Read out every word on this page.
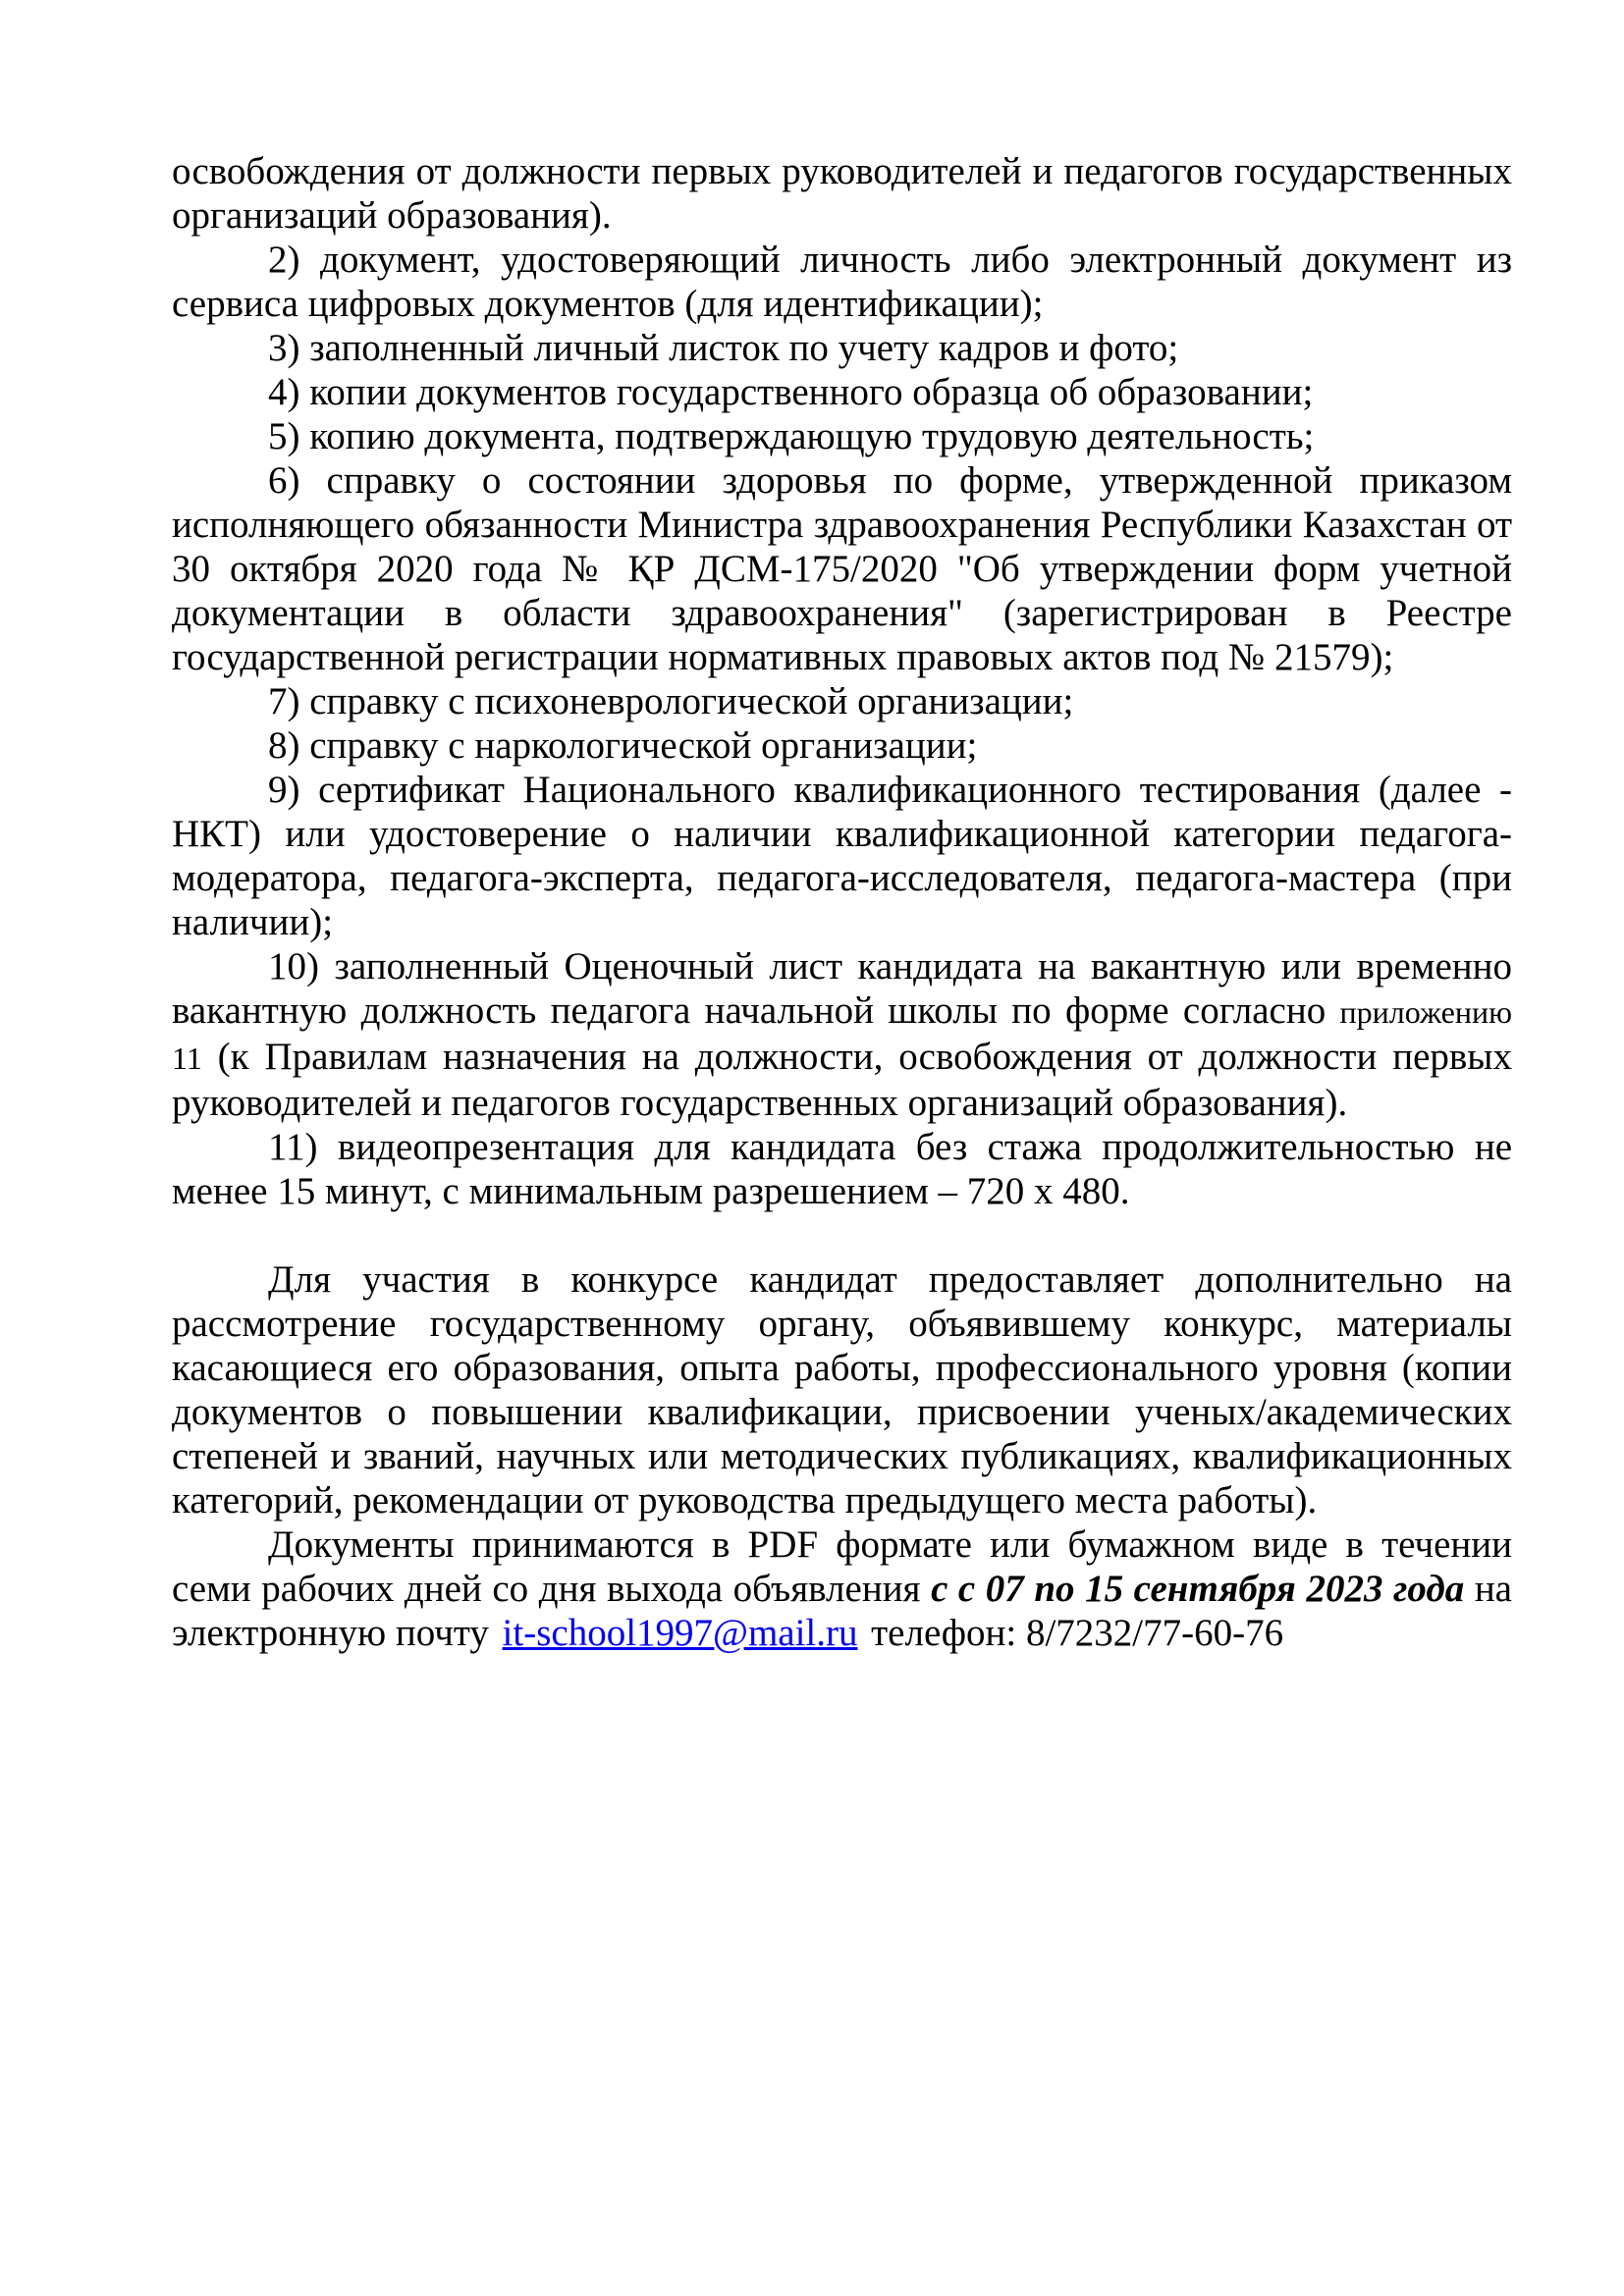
освобождения от должности первых руководителей и педагогов государственных организаций образования).

2) документ, удостоверяющий личность либо электронный документ из сервиса цифровых документов (для идентификации);

3) заполненный личный листок по учету кадров и фото;

4) копии документов государственного образца об образовании;

5) копию документа, подтверждающую трудовую деятельность;

6) справку о состоянии здоровья по форме, утвержденной приказом исполняющего обязанности Министра здравоохранения Республики Казахстан от 30 октября 2020 года № ҚР ДСМ-175/2020 "Об утверждении форм учетной документации в области здравоохранения" (зарегистрирован в Реестре государственной регистрации нормативных правовых актов под № 21579);

7) справку с психоневрологической организации;

8) справку с наркологической организации;

9) сертификат Национального квалификационного тестирования (далее - НКТ) или удостоверение о наличии квалификационной категории педагога-модератора, педагога-эксперта, педагога-исследователя, педагога-мастера (при наличии);

10) заполненный Оценочный лист кандидата на вакантную или временно вакантную должность педагога начальной школы по форме согласно приложению 11 (к Правилам назначения на должности, освобождения от должности первых руководителей и педагогов государственных организаций образования).

11) видеопрезентация для кандидата без стажа продолжительностью не менее 15 минут, с минимальным разрешением – 720 х 480.

Для участия в конкурсе кандидат предоставляет дополнительно на рассмотрение государственному органу, объявившему конкурс, материалы касающиеся его образования, опыта работы, профессионального уровня (копии документов о повышении квалификации, присвоении ученых/академических степеней и званий, научных или методических публикациях, квалификационных категорий, рекомендации от руководства предыдущего места работы).

Документы принимаются в PDF формате или бумажном виде в течении семи рабочих дней со дня выхода объявления с с 07 по 15 сентября 2023 года на электронную почту it-school1997@mail.ru телефон: 8/7232/77-60-76
